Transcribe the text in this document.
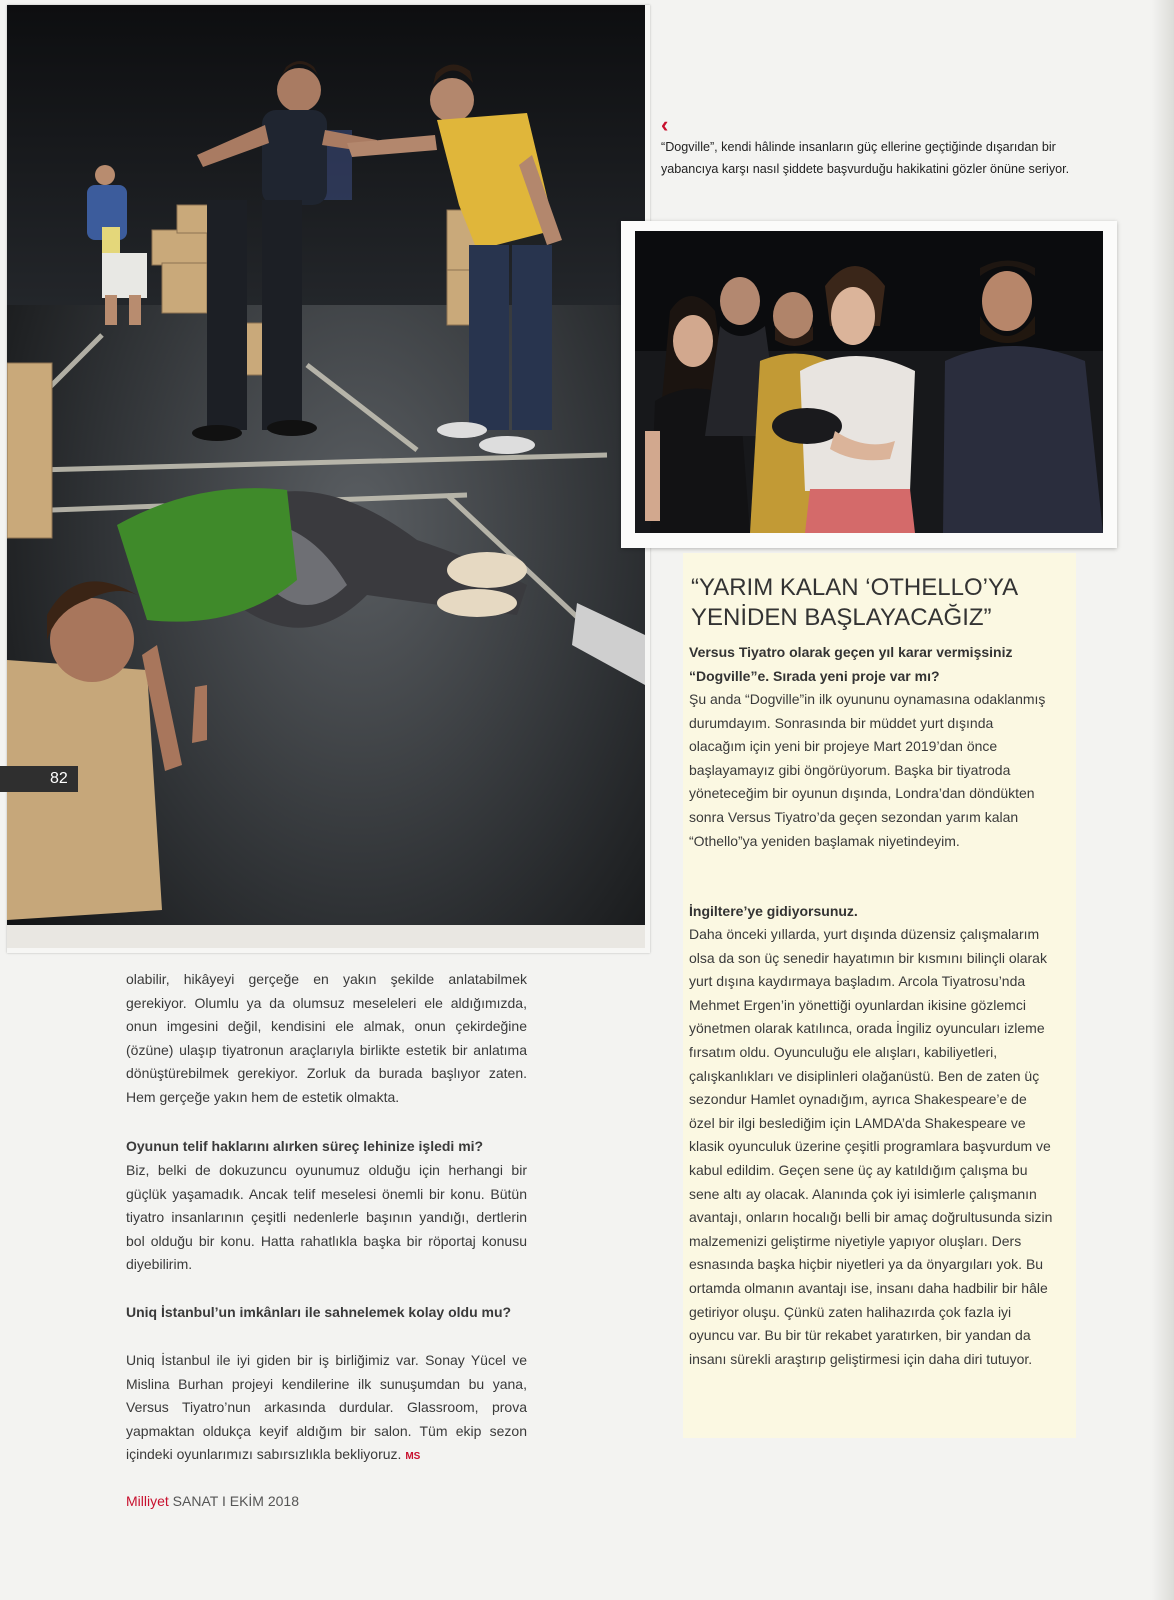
‹
“Dogville”, kendi hâlinde insanların güç ellerine geçtiğinde dışarıdan bir yabancıya karşı nasıl şiddete başvurduğu hakikatini gözler önüne seriyor.
“YARIM KALAN ‘OTHELLO’YA
YENİDEN BAŞLAYACAĞIZ”
Versus Tiyatro olarak geçen yıl karar vermişsiniz “Dogville”e. Sırada yeni proje var mı?
Şu anda “Dogville”in ilk oyununu oynamasına odaklanmış durumdayım. Sonrasında bir müddet yurt dışında olacağım için yeni bir projeye Mart 2019’dan önce başlayamayız gibi öngörüyorum. Başka bir tiyatroda yöneteceğim bir oyunun dışında, Londra’dan döndükten sonra Versus Tiyatro’da geçen sezondan yarım kalan “Othello”ya yeniden başlamak niyetindeyim.
İngiltere’ye gidiyorsunuz.
Daha önceki yıllarda, yurt dışında düzensiz çalışmalarım olsa da son üç senedir hayatımın bir kısmını bilinçli olarak yurt dışına kaydırmaya başladım. Arcola Tiyatrosu’nda Mehmet Ergen’in yönettiği oyunlardan ikisine gözlemci yönetmen olarak katılınca, orada İngiliz oyuncuları izleme fırsatım oldu. Oyunculuğu ele alışları, kabiliyetleri, çalışkanlıkları ve disiplinleri olağanüstü. Ben de zaten üç sezondur Hamlet oynadığım, ayrıca Shakespeare’e de özel bir ilgi beslediğim için LAMDA’da Shakespeare ve klasik oyunculuk üzerine çeşitli programlara başvurdum ve kabul edildim. Geçen sene üç ay katıldığım çalışma bu sene altı ay olacak. Alanında çok iyi isimlerle çalışmanın avantajı, onların hocalığı belli bir amaç doğrultusunda sizin malzemenizi geliştirme niyetiyle yapıyor oluşları. Ders esnasında başka hiçbir niyetleri ya da önyargıları yok. Bu ortamda olmanın avantajı ise, insanı daha hadbilir bir hâle getiriyor oluşu. Çünkü zaten halihazırda çok fazla iyi oyuncu var. Bu bir tür rekabet yaratırken, bir yandan da insanı sürekli araştırıp geliştirmesi için daha diri tutuyor.
82
olabilir, hikâyeyi gerçeğe en yakın şekilde anlatabilmek gerekiyor. Olumlu ya da olumsuz meseleleri ele aldığımızda, onun imgesini değil, kendisini ele almak, onun çekirdeğine (özüne) ulaşıp tiyatronun araçlarıyla birlikte estetik bir anlatıma dönüştürebilmek gerekiyor. Zorluk da burada başlıyor zaten. Hem gerçeğe yakın hem de estetik olmakta.
Oyunun telif haklarını alırken süreç lehinize işledi mi?
Biz, belki de dokuzuncu oyunumuz olduğu için herhangi bir güçlük yaşamadık. Ancak telif meselesi önemli bir konu. Bütün tiyatro insanlarının çeşitli nedenlerle başının yandığı, dertlerin bol olduğu bir konu. Hatta rahatlıkla başka bir röportaj konusu diyebilirim.
Uniq İstanbul’un imkânları ile sahnelemek kolay oldu mu?
Uniq İstanbul ile iyi giden bir iş birliğimiz var. Sonay Yücel ve Mislina Burhan projeyi kendilerine ilk sunuşumdan bu yana, Versus Tiyatro’nun arkasında durdular. Glassroom, prova yapmaktan oldukça keyif aldığım bir salon. Tüm ekip sezon içindeki oyunlarımızı sabırsızlıkla bekliyoruz. MS
Milliyet SANAT I EKİM 2018
